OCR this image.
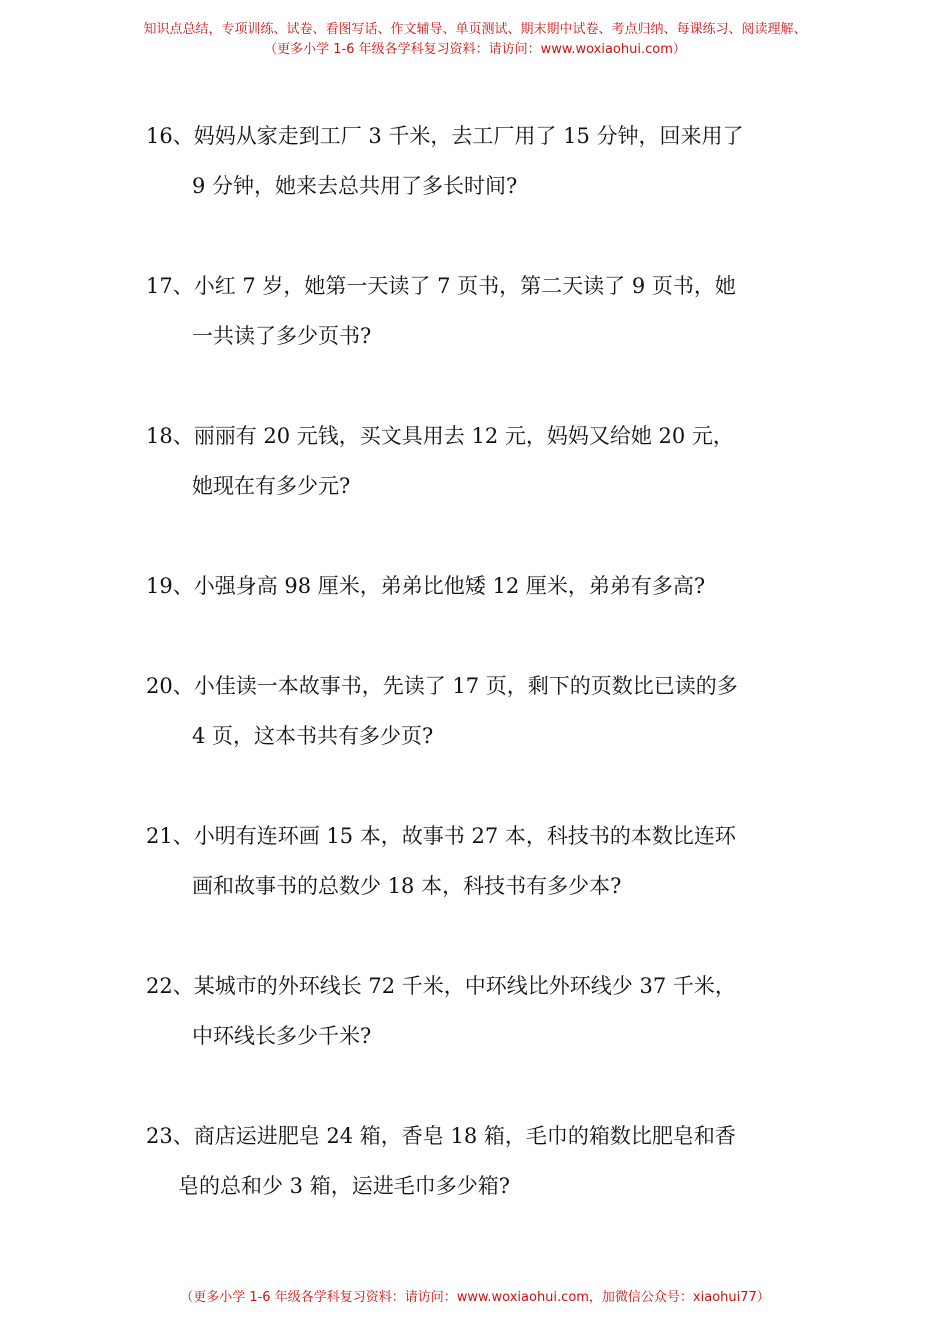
知识点总结，专项训练、试卷、看图写话、作文辅导、单页测试、期末期中试卷、考点归纳、每课练习、阅读理解、
（更多小学 1-6 年级各学科复习资料：请访问：www.woxiaohui.com）
16、妈妈从家走到工厂 3 千米，去工厂用了 15 分钟，回来用了
9 分钟，她来去总共用了多长时间?
17、小红 7 岁，她第一天读了 7 页书，第二天读了 9 页书，她
一共读了多少页书?
18、丽丽有 20 元钱，买文具用去 12 元，妈妈又给她 20 元，
她现在有多少元?
19、小强身高 98 厘米，弟弟比他矮 12 厘米，弟弟有多高?
20、小佳读一本故事书，先读了 17 页，剩下的页数比已读的多
4 页，这本书共有多少页?
21、小明有连环画 15 本，故事书 27 本，科技书的本数比连环
画和故事书的总数少 18 本，科技书有多少本?
22、某城市的外环线长 72 千米，中环线比外环线少 37 千米，
中环线长多少千米?
23、商店运进肥皂 24 箱，香皂 18 箱，毛巾的箱数比肥皂和香
皂的总和少 3 箱，运进毛巾多少箱?
（更多小学 1-6 年级各学科复习资料：请访问：www.woxiaohui.com，加微信公众号：xiaohui77）
